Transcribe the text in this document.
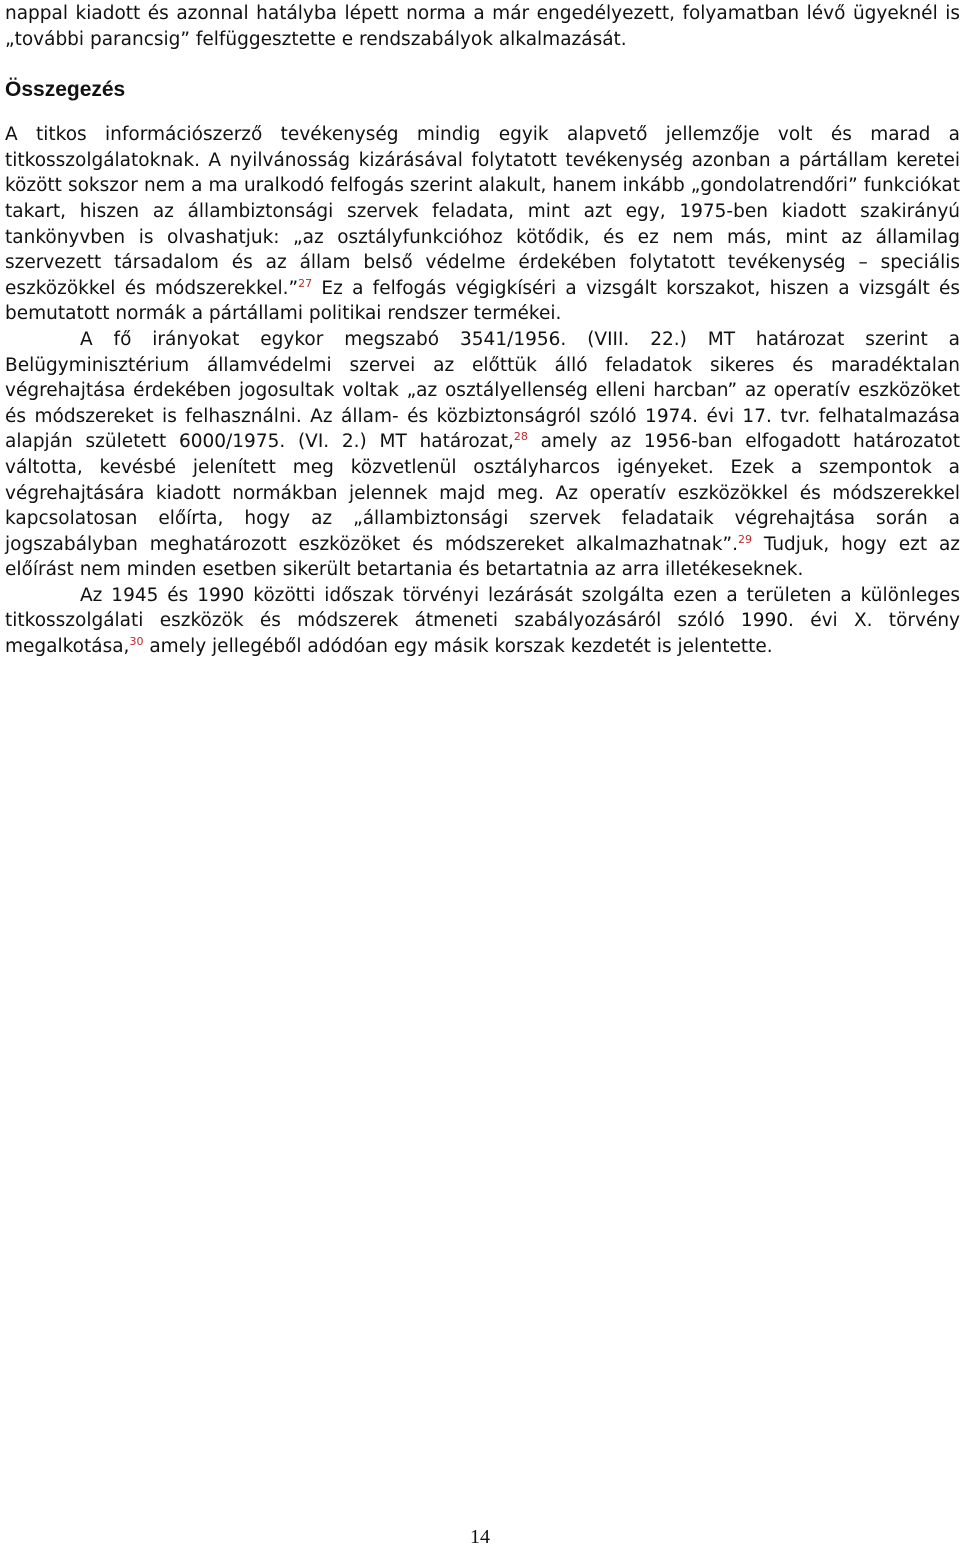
nappal kiadott és azonnal hatályba lépett norma a már engedélyezett, folyamatban lévő ügyeknél is „további parancsig” felfüggesztette e rendszabályok alkalmazását.

Összegezés

A titkos információszerző tevékenység mindig egyik alapvető jellemzője volt és marad a titkosszolgálatoknak. A nyilvánosság kizárásával folytatott tevékenység azonban a pártállam keretei között sokszor nem a ma uralkodó felfogás szerint alakult, hanem inkább „gondolatrendőri” funkciókat takart, hiszen az állambiztonsági szervek feladata, mint azt egy, 1975-ben kiadott szakirányú tankönyvben is olvashatjuk: „az osztályfunkcióhoz kötődik, és ez nem más, mint az államilag szervezett társadalom és az állam belső védelme érdekében folytatott tevékenység – speciális eszközökkel és módszerekkel.”$^{27}$ Ez a felfogás végigkíséri a vizsgált korszakot, hiszen a vizsgált és bemutatott normák a pártállami politikai rendszer termékei.

A fő irányokat egykor megszabó 3541/1956. (VIII. 22.) MT határozat szerint a Belügyminisztérium államvédelmi szervei az előttük álló feladatok sikeres és maradéktalan végrehajtása érdekében jogosultak voltak „az osztályellenség elleni harcban” az operatív eszközöket és módszereket is felhasználni. Az állam- és közbiztonságról szóló 1974. évi 17. tvr. felhatalmazása alapján született 6000/1975. (VI. 2.) MT határozat,$^{28}$ amely az 1956-ban elfogadott határozatot váltotta, kevésbé jelenített meg közvetlenül osztályharcos igényeket. Ezek a szempontok a végrehajtására kiadott normákban jelennek majd meg. Az operatív eszközökkel és módszerekkel kapcsolatosan előírta, hogy az „állambiztonsági szervek feladataik végrehajtása során a jogszabályban meghatározott eszközöket és módszereket alkalmazhatnak”.$^{29}$ Tudjuk, hogy ezt az előírást nem minden esetben sikerült betartania és betartatnia az arra illetékeseknek.

Az 1945 és 1990 közötti időszak törvényi lezárását szolgálta ezen a területen a különleges titkosszolgálati eszközök és módszerek átmeneti szabályozásáról szóló 1990. évi X. törvény megalkotása,$^{30}$ amely jellegéből adódóan egy másik korszak kezdetét is jelentette.

14
